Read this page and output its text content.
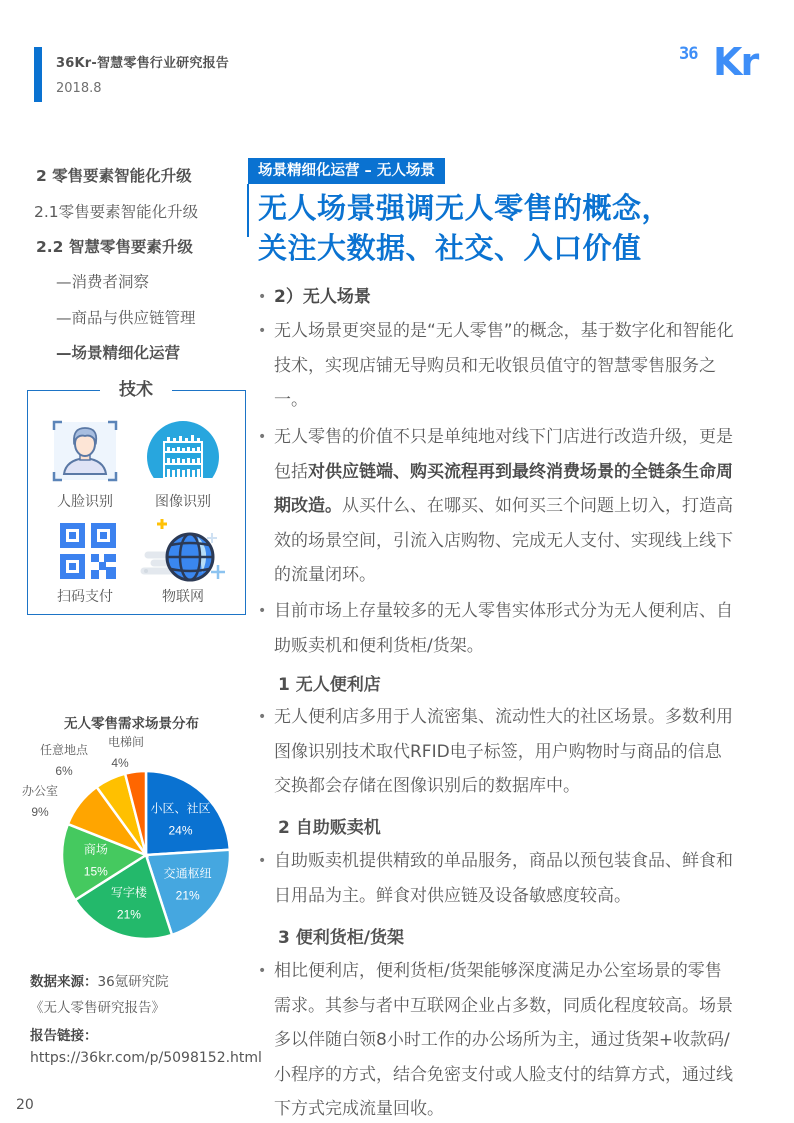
36Kr-智慧零售行业研究报告
2018.8
36 Kr
2 零售要素智能化升级
2.1零售要素智能化升级
2.2 智慧零售要素升级
—消费者洞察
—商品与供应链管理
—场景精细化运营
技术
人脸识别	图像识别
扫码支付	物联网
无人零售需求场景分布
小区、社区
24%
交通枢纽
21%
写字楼
21%
商场
15%
办公室
9%
任意地点
6%
电梯间
4%
数据来源：36氪研究院
《无人零售研究报告》
报告链接：
https://36kr.com/p/5098152.html
20
场景精细化运营 – 无人场景
无人场景强调无人零售的概念，
关注大数据、社交、入口价值
• 2）无人场景
• 无人场景更突显的是“无人零售”的概念，基于数字化和智能化技术，实现店铺无导购员和无收银员值守的智慧零售服务之一。
• 无人零售的价值不只是单纯地对线下门店进行改造升级，更是包括对供应链端、购买流程再到最终消费场景的全链条生命周期改造。从买什么、在哪买、如何买三个问题上切入，打造高效的场景空间，引流入店购物、完成无人支付、实现线上线下的流量闭环。
• 目前市场上存量较多的无人零售实体形式分为无人便利店、自助贩卖机和便利货柜/货架。
1 无人便利店
• 无人便利店多用于人流密集、流动性大的社区场景。多数利用图像识别技术取代RFID电子标签，用户购物时与商品的信息交换都会存储在图像识别后的数据库中。
2 自助贩卖机
• 自助贩卖机提供精致的单品服务，商品以预包装食品、鲜食和日用品为主。鲜食对供应链及设备敏感度较高。
3 便利货柜/货架
• 相比便利店，便利货柜/货架能够深度满足办公室场景的零售需求。其参与者中互联网企业占多数，同质化程度较高。场景多以伴随白领8小时工作的办公场所为主，通过货架+收款码/小程序的方式，结合免密支付或人脸支付的结算方式，通过线下方式完成流量回收。
